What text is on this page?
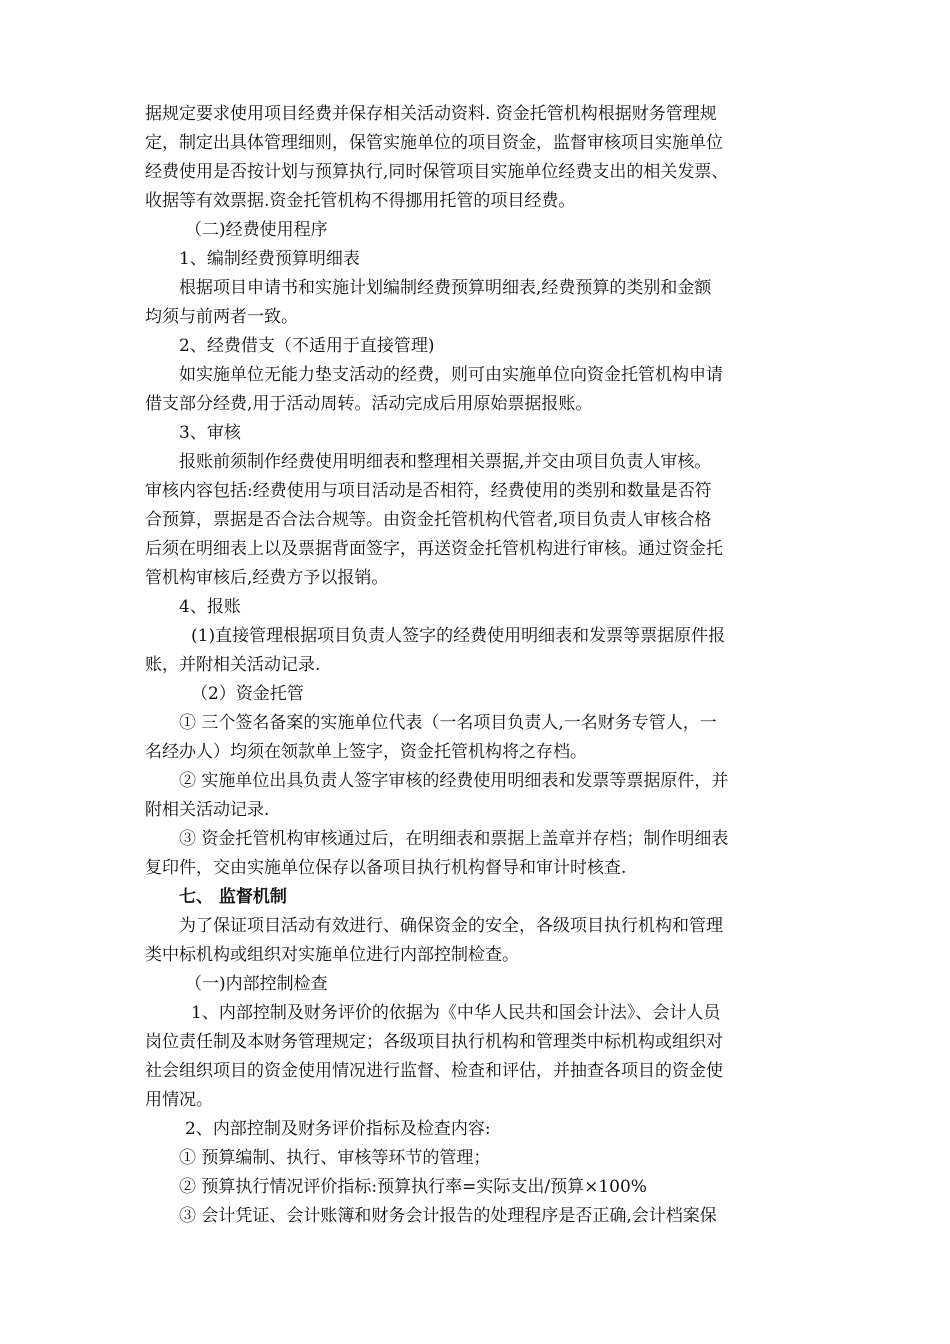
据规定要求使用项目经费并保存相关活动资料. 资金托管机构根据财务管理规
定，制定出具体管理细则，保管实施单位的项目资金，监督审核项目实施单位
经费使用是否按计划与预算执行,同时保管项目实施单位经费支出的相关发票、
收据等有效票据.资金托管机构不得挪用托管的项目经费。
（二)经费使用程序
1、编制经费预算明细表
根据项目申请书和实施计划编制经费预算明细表,经费预算的类别和金额
均须与前两者一致。
2、经费借支（不适用于直接管理)
如实施单位无能力垫支活动的经费，则可由实施单位向资金托管机构申请
借支部分经费,用于活动周转。活动完成后用原始票据报账。
3、审核
报账前须制作经费使用明细表和整理相关票据,并交由项目负责人审核。
审核内容包括:经费使用与项目活动是否相符，经费使用的类别和数量是否符
合预算，票据是否合法合规等。由资金托管机构代管者,项目负责人审核合格
后须在明细表上以及票据背面签字，再送资金托管机构进行审核。通过资金托
管机构审核后,经费方予以报销。
4、报账
(1)直接管理根据项目负责人签字的经费使用明细表和发票等票据原件报
账，并附相关活动记录.
（2）资金托管
① 三个签名备案的实施单位代表（一名项目负责人,一名财务专管人，一
名经办人）均须在领款单上签字，资金托管机构将之存档。
② 实施单位出具负责人签字审核的经费使用明细表和发票等票据原件，并
附相关活动记录.
③ 资金托管机构审核通过后，在明细表和票据上盖章并存档；制作明细表
复印件，交由实施单位保存以备项目执行机构督导和审计时核查.
七、 监督机制
为了保证项目活动有效进行、确保资金的安全，各级项目执行机构和管理
类中标机构或组织对实施单位进行内部控制检查。
（一)内部控制检查
1、内部控制及财务评价的依据为《中华人民共和国会计法》、会计人员
岗位责任制及本财务管理规定；各级项目执行机构和管理类中标机构或组织对
社会组织项目的资金使用情况进行监督、检查和评估，并抽查各项目的资金使
用情况。
2、内部控制及财务评价指标及检查内容:
① 预算编制、执行、审核等环节的管理；
② 预算执行情况评价指标:预算执行率=实际支出/预算×100%
③ 会计凭证、会计账簿和财务会计报告的处理程序是否正确,会计档案保
